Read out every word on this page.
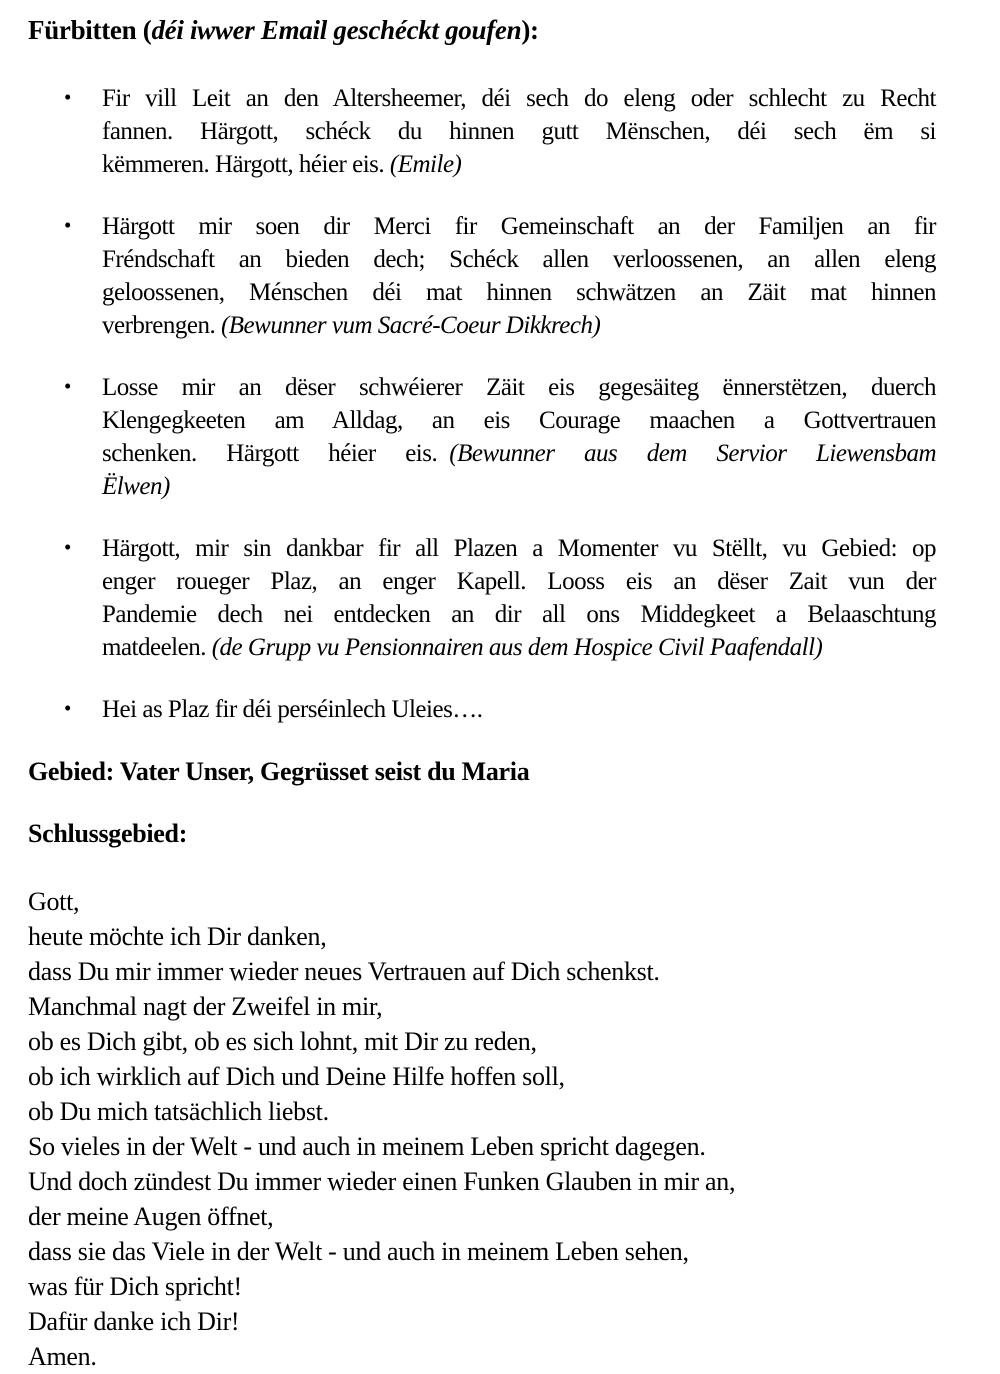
Fürbitten (déi iwwer Email geschéckt goufen):
• Fir vill Leit an den Altersheemer, déi sech do eleng oder schlecht zu Recht
fannen. Härgott, schéck du hinnen gutt Mënschen, déi sech ëm si
këmmeren. Härgott, héier eis. (Emile)
• Härgott mir soen dir Merci fir Gemeinschaft an der Familjen an fir
Fréndschaft an bieden dech; Schéck allen verloossenen, an allen eleng
geloossenen, Ménschen déi mat hinnen schwätzen an Zäit mat hinnen
verbrengen. (Bewunner vum Sacré-Coeur Dikkrech)
• Losse mir an dëser schwéierer Zäit eis gegesäiteg ënnerstëtzen, duerch
Klengegkeeten am Alldag, an eis Courage maachen a Gottvertrauen
schenken. Härgott héier eis. (Bewunner aus dem Servior Liewensbam
Ëlwen)
• Härgott, mir sin dankbar fir all Plazen a Momenter vu Stëllt, vu Gebied: op
enger roueger Plaz, an enger Kapell. Looss eis an dëser Zait vun der
Pandemie dech nei entdecken an dir all ons Middegkeet a Belaaschtung
matdeelen. (de Grupp vu Pensionnairen aus dem Hospice Civil Paafendall)
• Hei as Plaz fir déi perséinlech Uleies….
Gebied: Vater Unser, Gegrüsset seist du Maria
Schlussgebied:
Gott,
heute möchte ich Dir danken,
dass Du mir immer wieder neues Vertrauen auf Dich schenkst.
Manchmal nagt der Zweifel in mir,
ob es Dich gibt, ob es sich lohnt, mit Dir zu reden,
ob ich wirklich auf Dich und Deine Hilfe hoffen soll,
ob Du mich tatsächlich liebst.
So vieles in der Welt - und auch in meinem Leben spricht dagegen.
Und doch zündest Du immer wieder einen Funken Glauben in mir an,
der meine Augen öffnet,
dass sie das Viele in der Welt - und auch in meinem Leben sehen,
was für Dich spricht!
Dafür danke ich Dir!
Amen.
